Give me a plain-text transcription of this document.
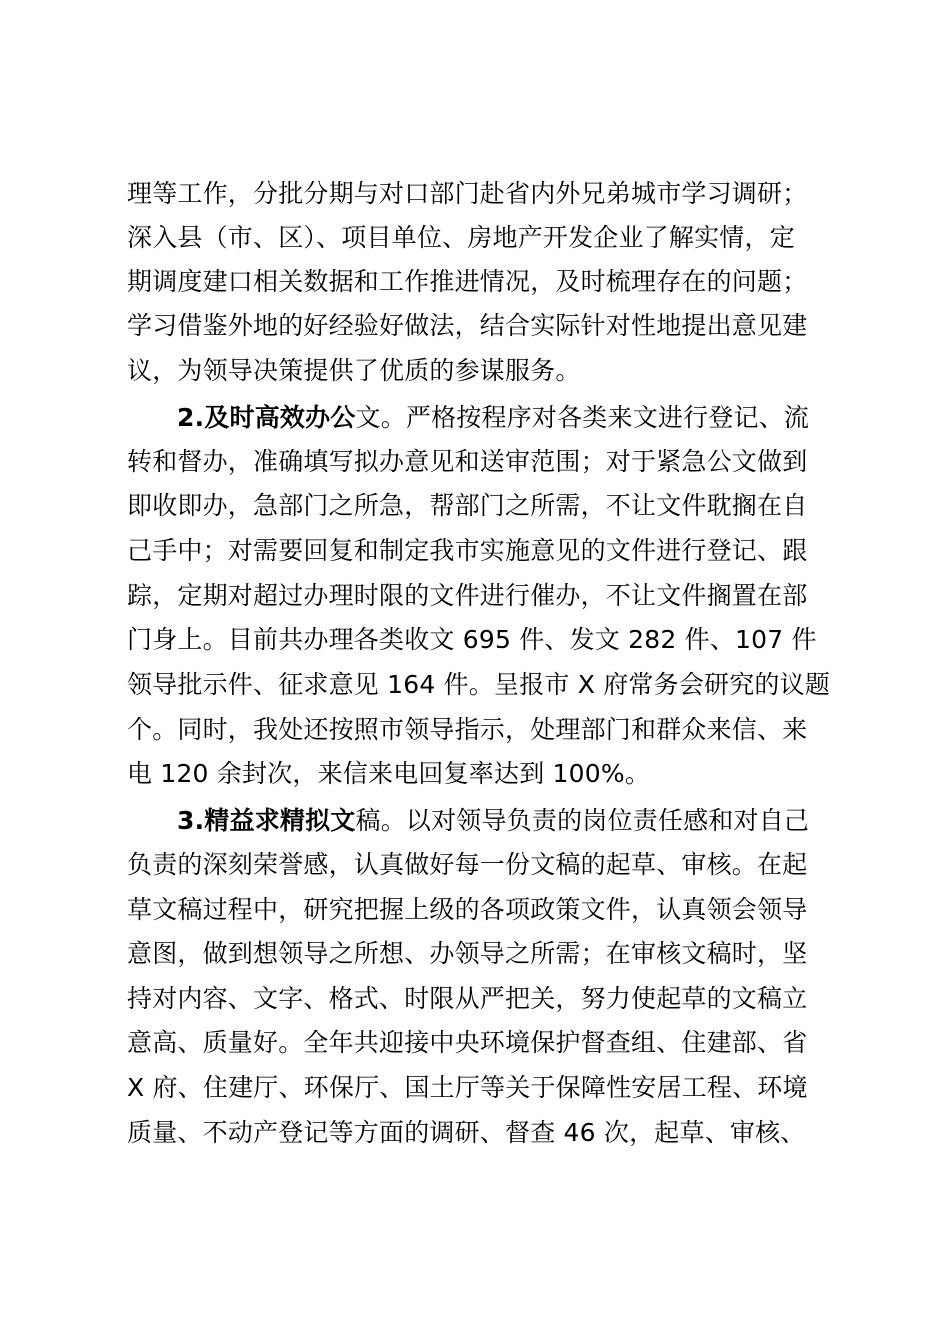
理等工作，分批分期与对口部门赴省内外兄弟城市学习调研；
深入县（市、区）、项目单位、房地产开发企业了解实情，定
期调度建口相关数据和工作推进情况，及时梳理存在的问题；
学习借鉴外地的好经验好做法，结合实际针对性地提出意见建
议，为领导决策提供了优质的参谋服务。
2.及时高效办公文。严格按程序对各类来文进行登记、流
转和督办，准确填写拟办意见和送审范围；对于紧急公文做到
即收即办，急部门之所急，帮部门之所需，不让文件耽搁在自
己手中；对需要回复和制定我市实施意见的文件进行登记、跟
踪，定期对超过办理时限的文件进行催办，不让文件搁置在部
门身上。目前共办理各类收文 695 件、发文 282 件、107 件
领导批示件、征求意见 164 件。呈报市 X 府常务会研究的议题
个。同时，我处还按照市领导指示，处理部门和群众来信、来
电 120 余封次，来信来电回复率达到 100%。
3.精益求精拟文稿。以对领导负责的岗位责任感和对自己
负责的深刻荣誉感，认真做好每一份文稿的起草、审核。在起
草文稿过程中，研究把握上级的各项政策文件，认真领会领导
意图，做到想领导之所想、办领导之所需；在审核文稿时，坚
持对内容、文字、格式、时限从严把关，努力使起草的文稿立
意高、质量好。全年共迎接中央环境保护督查组、住建部、省
X 府、住建厅、环保厅、国土厅等关于保障性安居工程、环境
质量、不动产登记等方面的调研、督查 46 次，起草、审核、
